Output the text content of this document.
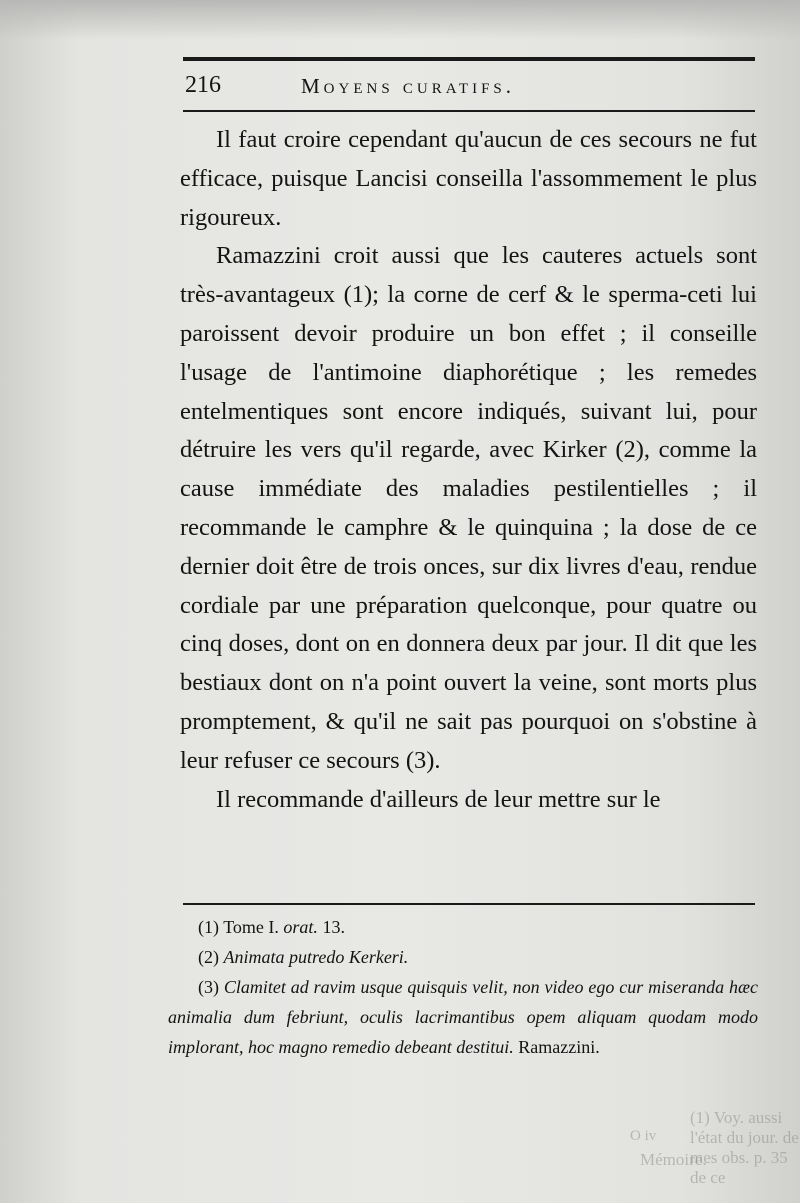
216	Moyens curatifs.

Il faut croire cependant qu'aucun de ces secours ne fut efficace, puisque Lancisi conseilla l'assommement le plus rigoureux.

Ramazzini croit aussi que les cauteres actuels sont très-avantageux (1); la corne de cerf & le sperma-ceti lui paroissent devoir produire un bon effet ; il conseille l'usage de l'antimoine diaphorétique ; les remedes entelmentiques sont encore indiqués, suivant lui, pour détruire les vers qu'il regarde, avec Kirker (2), comme la cause immédiate des maladies pestilentielles ; il recommande le camphre & le quinquina ; la dose de ce dernier doit être de trois onces, sur dix livres d'eau, rendue cordiale par une préparation quelconque, pour quatre ou cinq doses, dont on en donnera deux par jour. Il dit que les bestiaux dont on n'a point ouvert la veine, sont morts plus promptement, & qu'il ne sait pas pourquoi on s'obstine à leur refuser ce secours (3).

Il recommande d'ailleurs de leur mettre sur le

(1) Tome I. orat. 13.

(2) Animata putredo Kerkeri.

(3) Clamitet ad ravim usque quisquis velit, non video ego cur miseranda hæc animalia dum febriunt, oculis lacrimantibus opem aliquam quodam modo implorant, hoc magno remedio debeant destitui. Ramazzini.

(1) Voy. aussi l'état du jour. de mes obs. p. 35 de ce
Mémoire.
O iv
